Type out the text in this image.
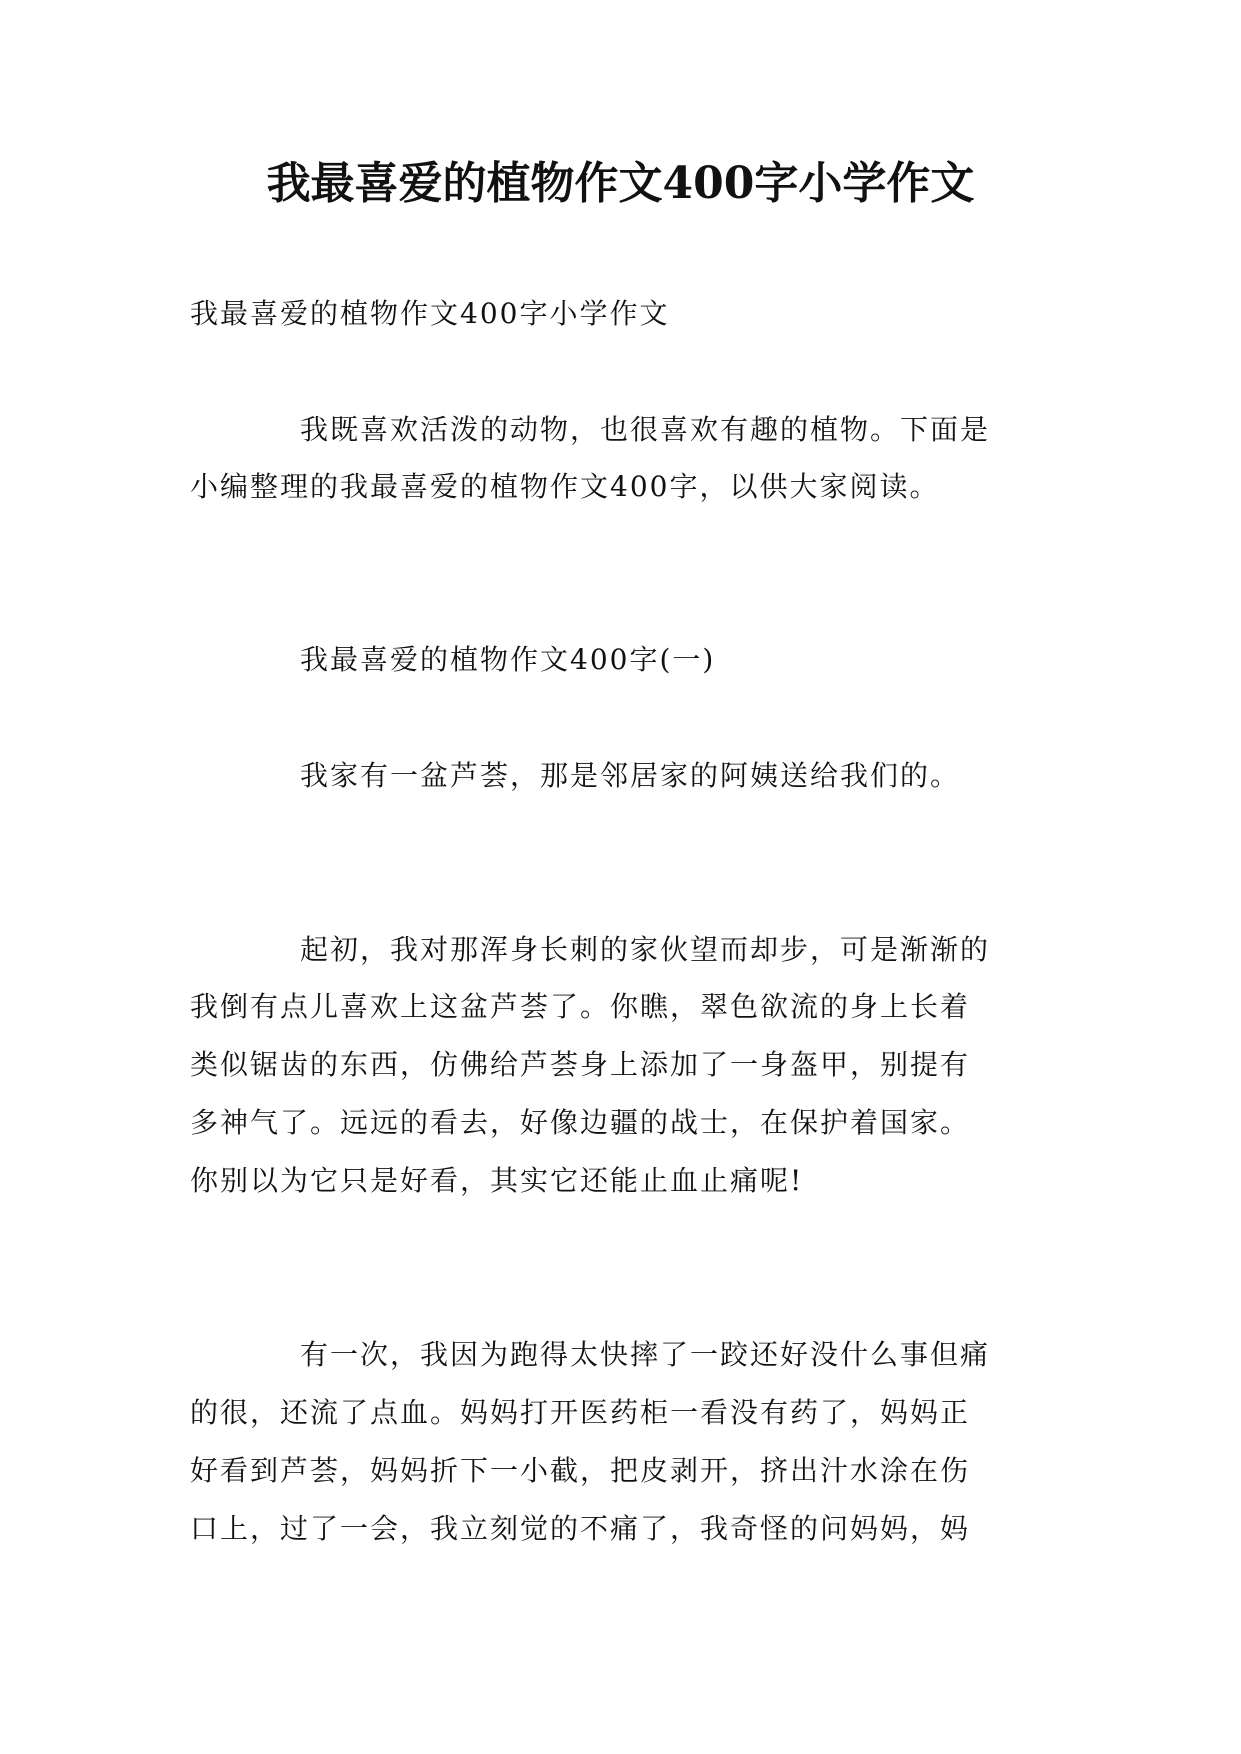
我最喜爱的植物作文400字小学作文
我最喜爱的植物作文400字小学作文
我既喜欢活泼的动物，也很喜欢有趣的植物。下面是
小编整理的我最喜爱的植物作文400字，以供大家阅读。
我最喜爱的植物作文400字(一)
我家有一盆芦荟，那是邻居家的阿姨送给我们的。
起初，我对那浑身长刺的家伙望而却步，可是渐渐的
我倒有点儿喜欢上这盆芦荟了。你瞧，翠色欲流的身上长着
类似锯齿的东西，仿佛给芦荟身上添加了一身盔甲，别提有
多神气了。远远的看去，好像边疆的战士，在保护着国家。
你别以为它只是好看，其实它还能止血止痛呢!
有一次，我因为跑得太快摔了一跤还好没什么事但痛
的很，还流了点血。妈妈打开医药柜一看没有药了，妈妈正
好看到芦荟，妈妈折下一小截，把皮剥开，挤出汁水涂在伤
口上，过了一会，我立刻觉的不痛了，我奇怪的问妈妈，妈
